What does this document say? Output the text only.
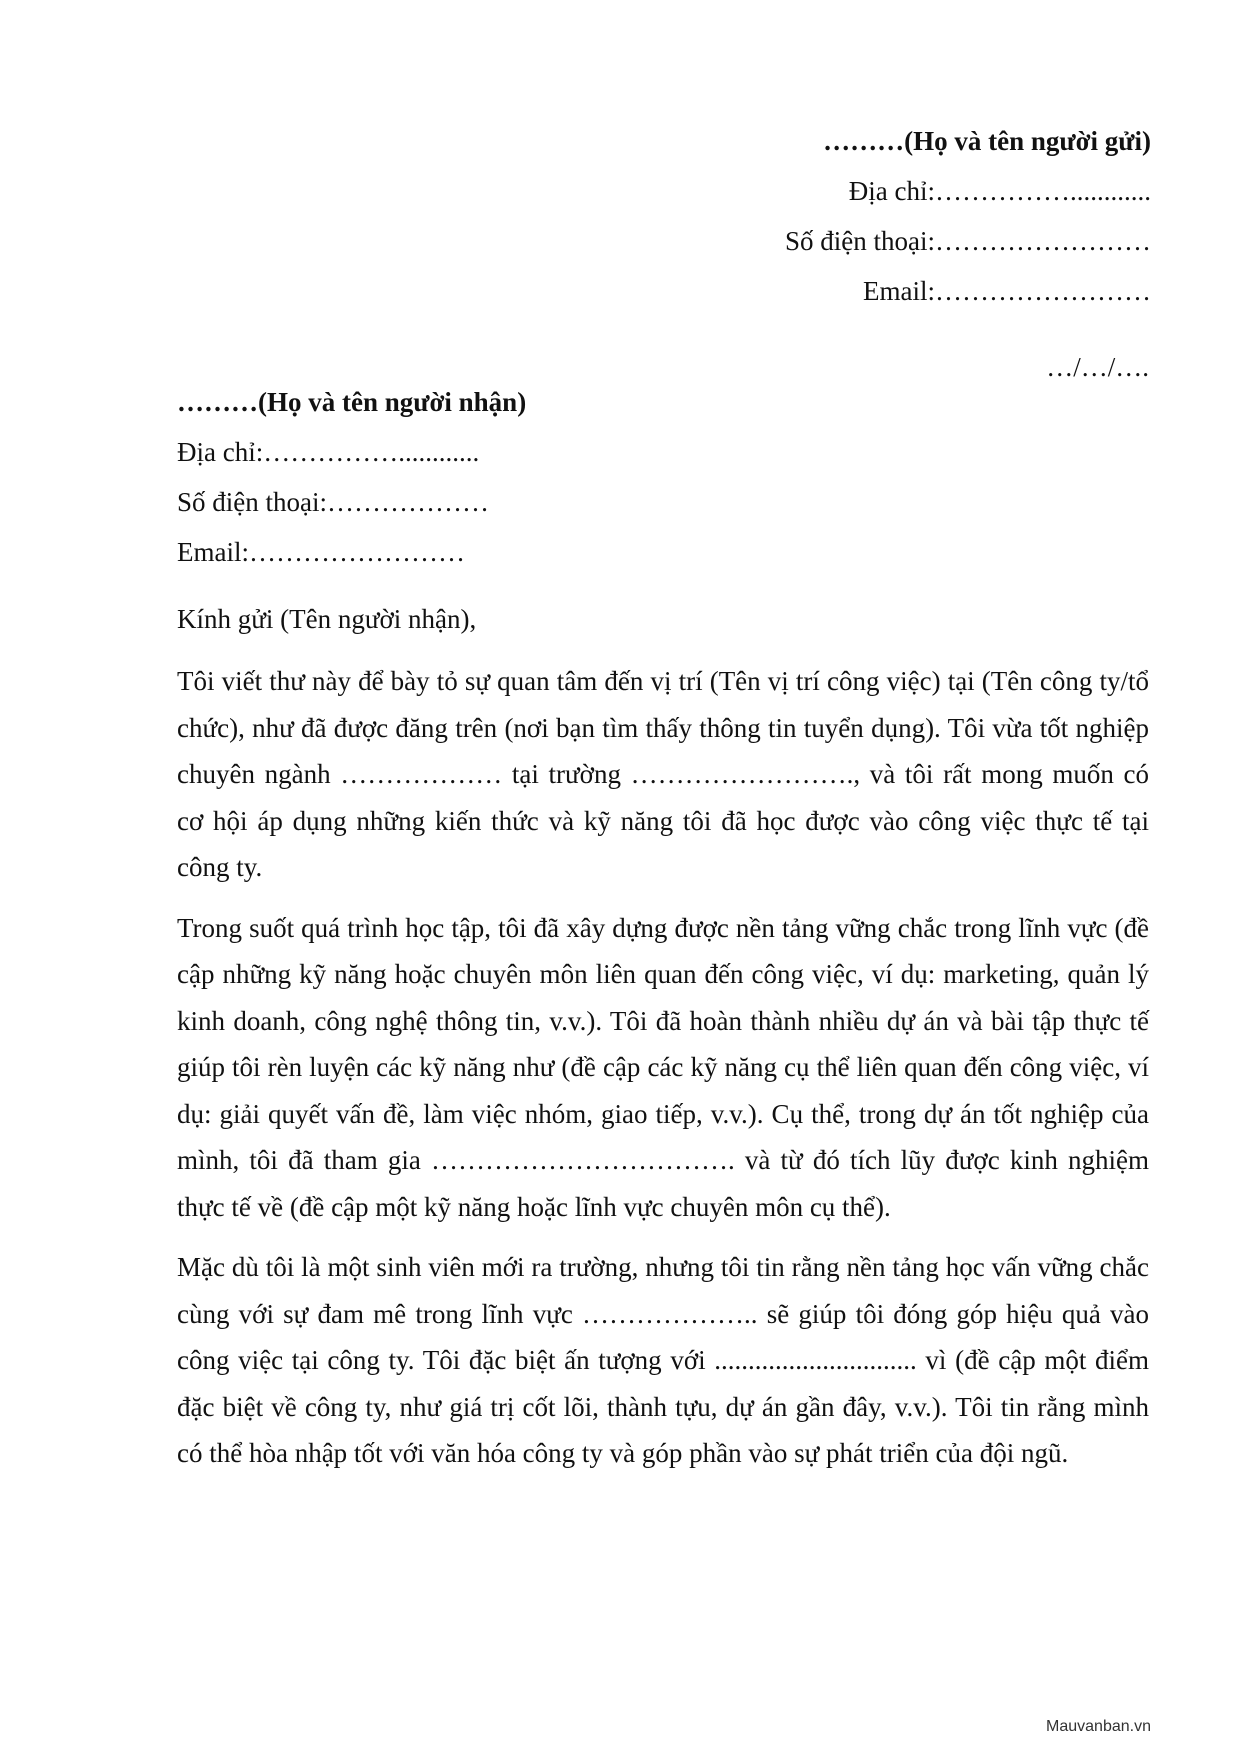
………(Họ và tên người gửi)
Địa chỉ:……………............
Số điện thoại:……………………
Email:……………………
…/…/….
………(Họ và tên người nhận)
Địa chỉ:……………............
Số điện thoại:………………
Email:……………………
Kính gửi (Tên người nhận),

Tôi viết thư này để bày tỏ sự quan tâm đến vị trí (Tên vị trí công việc) tại (Tên công ty/tổ chức), như đã được đăng trên (nơi bạn tìm thấy thông tin tuyển dụng). Tôi vừa tốt nghiệp chuyên ngành ……………… tại trường ……………………., và tôi rất mong muốn có cơ hội áp dụng những kiến thức và kỹ năng tôi đã học được vào công việc thực tế tại công ty.

Trong suốt quá trình học tập, tôi đã xây dựng được nền tảng vững chắc trong lĩnh vực (đề cập những kỹ năng hoặc chuyên môn liên quan đến công việc, ví dụ: marketing, quản lý kinh doanh, công nghệ thông tin, v.v.). Tôi đã hoàn thành nhiều dự án và bài tập thực tế giúp tôi rèn luyện các kỹ năng như (đề cập các kỹ năng cụ thể liên quan đến công việc, ví dụ: giải quyết vấn đề, làm việc nhóm, giao tiếp, v.v.). Cụ thể, trong dự án tốt nghiệp của mình, tôi đã tham gia ……………………………. và từ đó tích lũy được kinh nghiệm thực tế về (đề cập một kỹ năng hoặc lĩnh vực chuyên môn cụ thể).

Mặc dù tôi là một sinh viên mới ra trường, nhưng tôi tin rằng nền tảng học vấn vững chắc cùng với sự đam mê trong lĩnh vực ……………….. sẽ giúp tôi đóng góp hiệu quả vào công việc tại công ty. Tôi đặc biệt ấn tượng với .............................. vì (đề cập một điểm đặc biệt về công ty, như giá trị cốt lõi, thành tựu, dự án gần đây, v.v.). Tôi tin rằng mình có thể hòa nhập tốt với văn hóa công ty và góp phần vào sự phát triển của đội ngũ.

Mauvanban.vn
